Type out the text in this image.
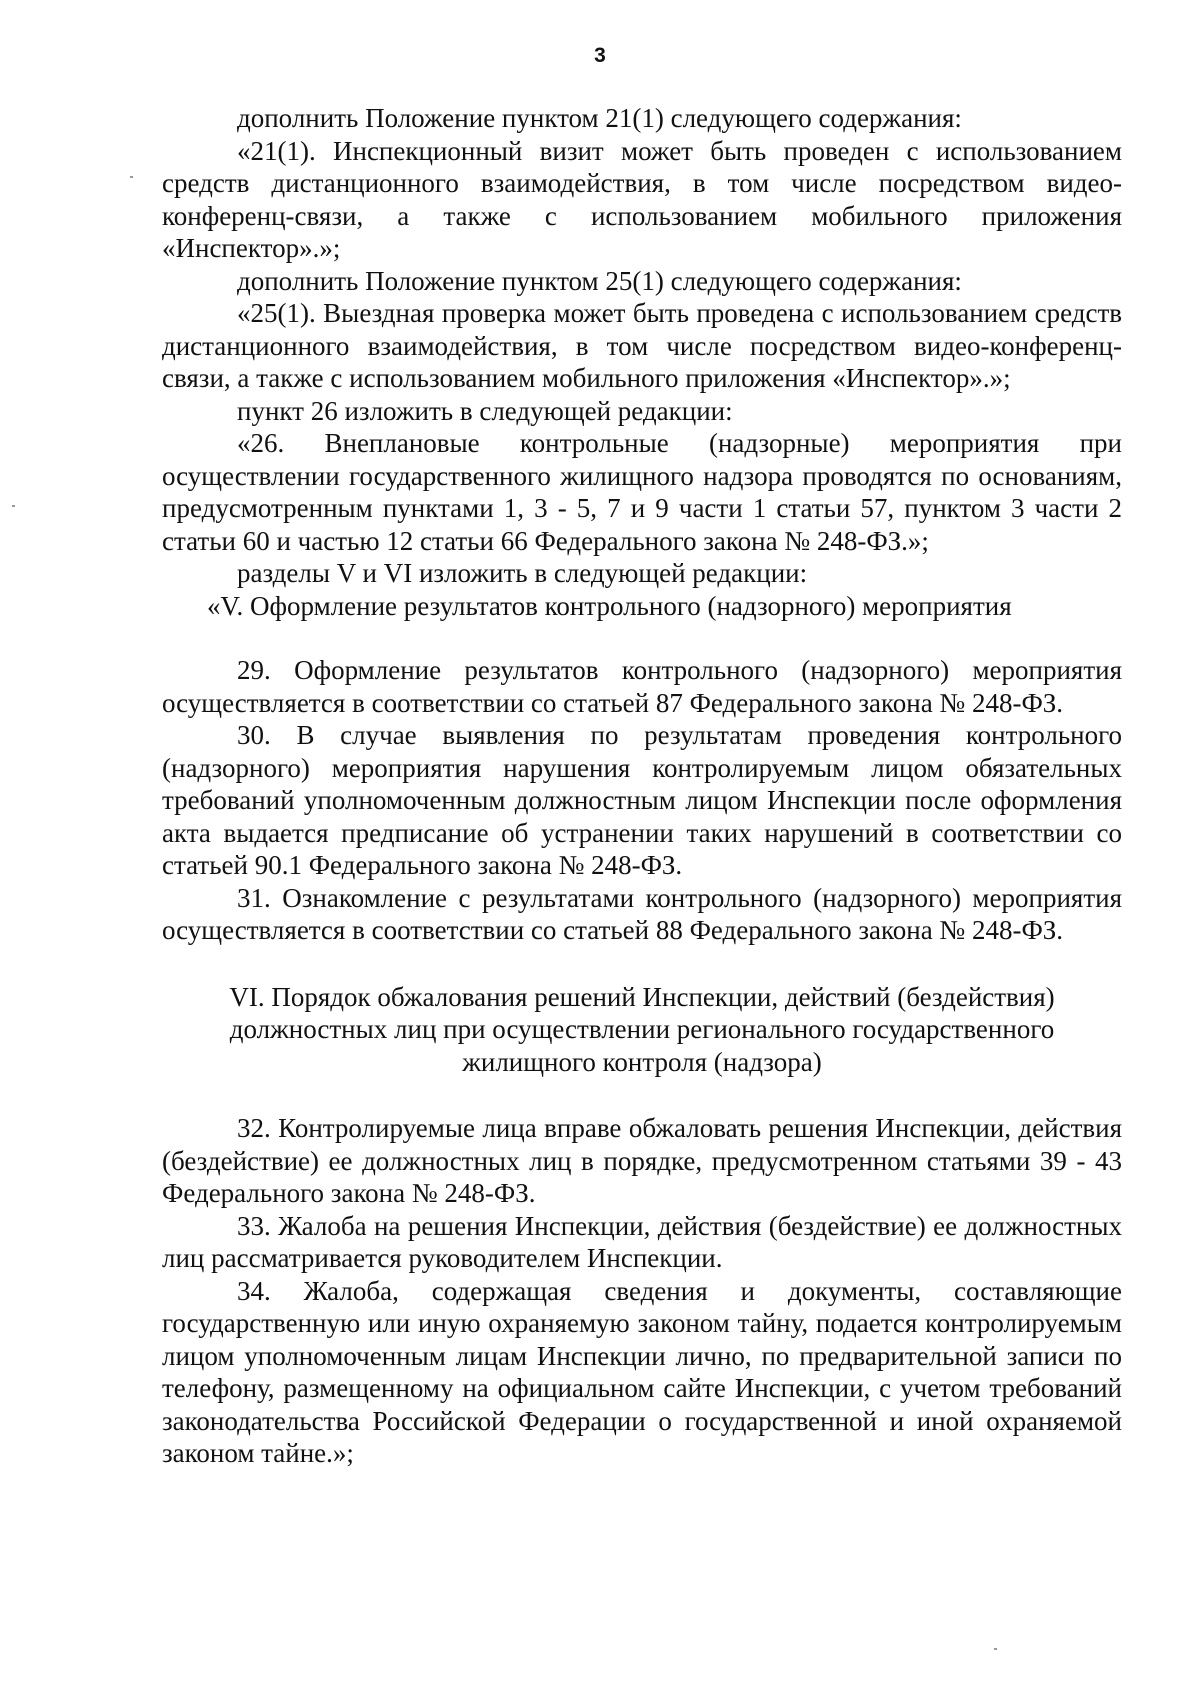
3

дополнить Положение пунктом 21(1) следующего содержания:

«21(1). Инспекционный визит может быть проведен с использованием средств дистанционного взаимодействия, в том числе посредством видео-конференц-связи, а также с использованием мобильного приложения «Инспектор».»;

дополнить Положение пунктом 25(1) следующего содержания:

«25(1). Выездная проверка может быть проведена с использованием средств дистанционного взаимодействия, в том числе посредством видео-конференц-связи, а также с использованием мобильного приложения «Инспектор».»;

пункт 26 изложить в следующей редакции:

«26. Внеплановые контрольные (надзорные) мероприятия при осуществлении государственного жилищного надзора проводятся по основаниям, предусмотренным пунктами 1, 3 - 5, 7 и 9 части 1 статьи 57, пунктом 3 части 2 статьи 60 и частью 12 статьи 66 Федерального закона № 248-ФЗ.»;

разделы V и VI изложить в следующей редакции:

«V. Оформление результатов контрольного (надзорного) мероприятия

29. Оформление результатов контрольного (надзорного) мероприятия осуществляется в соответствии со статьей 87 Федерального закона № 248-ФЗ.

30. В случае выявления по результатам проведения контрольного (надзорного) мероприятия нарушения контролируемым лицом обязательных требований уполномоченным должностным лицом Инспекции после оформления акта выдается предписание об устранении таких нарушений в соответствии со статьей 90.1 Федерального закона № 248-ФЗ.

31. Ознакомление с результатами контрольного (надзорного) мероприятия осуществляется в соответствии со статьей 88 Федерального закона № 248-ФЗ.

VI. Порядок обжалования решений Инспекции, действий (бездействия) должностных лиц при осуществлении регионального государственного жилищного контроля (надзора)

32. Контролируемые лица вправе обжаловать решения Инспекции, действия (бездействие) ее должностных лиц в порядке, предусмотренном статьями 39 - 43 Федерального закона № 248-ФЗ.

33. Жалоба на решения Инспекции, действия (бездействие) ее должностных лиц рассматривается руководителем Инспекции.

34. Жалоба, содержащая сведения и документы, составляющие государственную или иную охраняемую законом тайну, подается контролируемым лицом уполномоченным лицам Инспекции лично, по предварительной записи по телефону, размещенному на официальном сайте Инспекции, с учетом требований законодательства Российской Федерации о государственной и иной охраняемой законом тайне.»;
